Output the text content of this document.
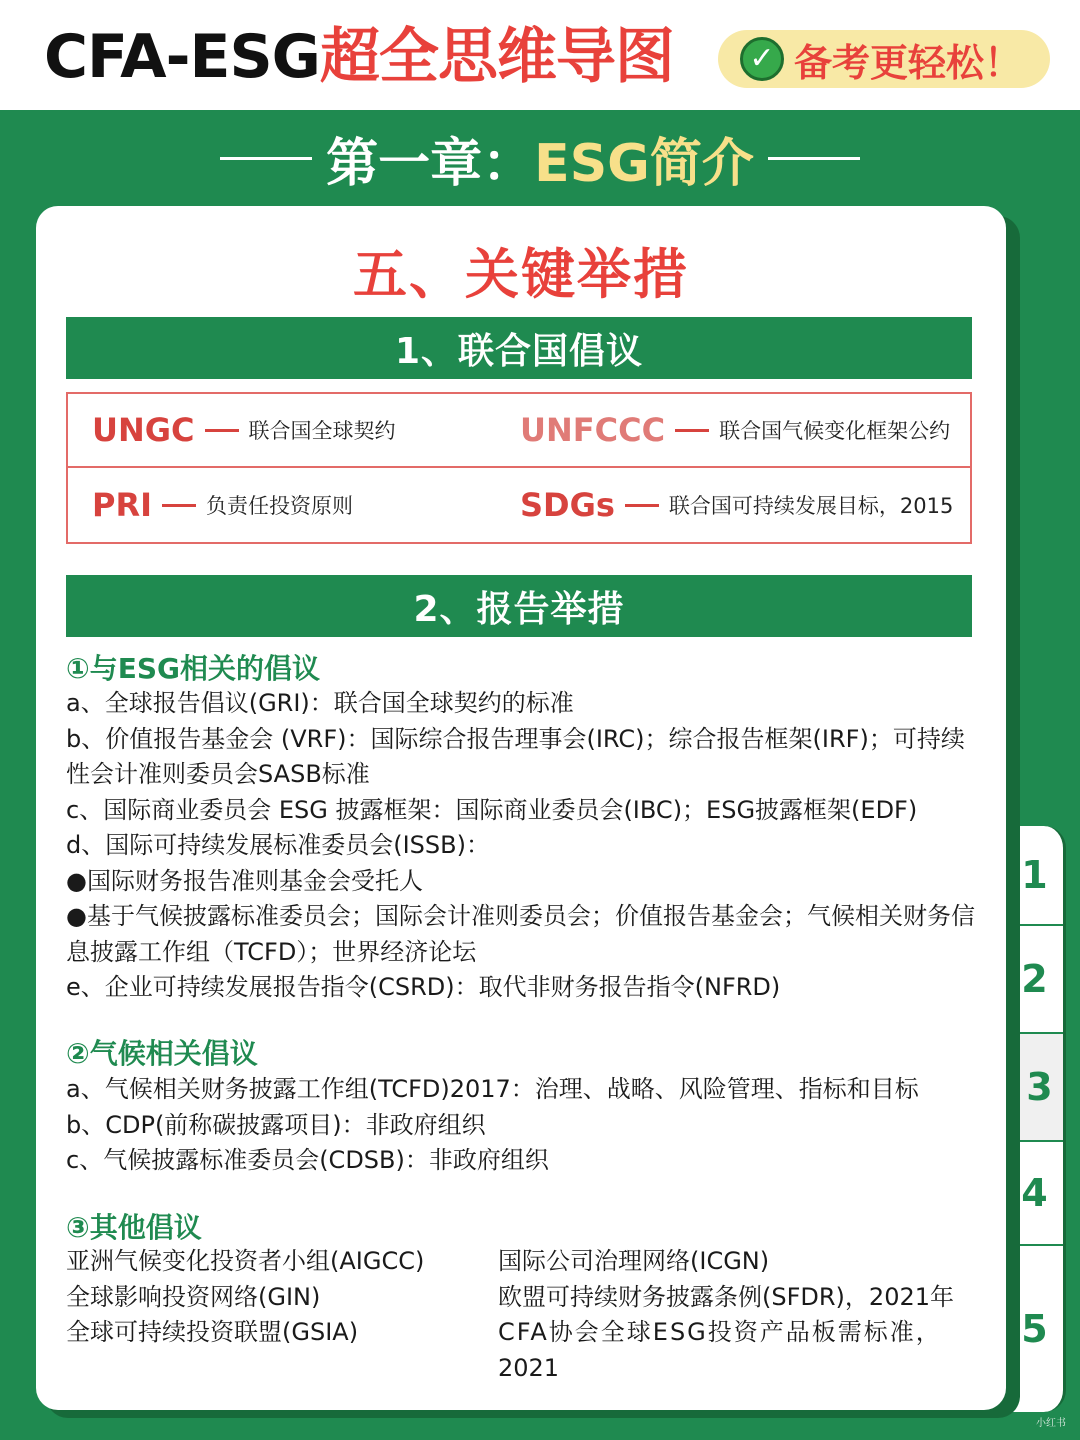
CFA-ESG超全思维导图	✓ 备考更轻松！
第一章： ESG简介
1
2
3
4
5
五、关键举措
1、联合国倡议
UNGC	联合国全球契约	UNFCCC	联合国气候变化框架公约
PRI	负责任投资原则	SDGs	联合国可持续发展目标，2015
2、报告举措
①与ESG相关的倡议

a、全球报告倡议(GRI)：联合国全球契约的标准

b、价值报告基金会 (VRF)：国际综合报告理事会(IRC)；综合报告框架(IRF)；可持续性会计准则委员会SASB标准

c、国际商业委员会 ESG 披露框架：国际商业委员会(IBC)；ESG披露框架(EDF)

d、国际可持续发展标准委员会(ISSB)：

●国际财务报告准则基金会受托人

●基于气候披露标准委员会；国际会计准则委员会；价值报告基金会；气候相关财务信息披露工作组（TCFD）；世界经济论坛

e、企业可持续发展报告指令(CSRD)：取代非财务报告指令(NFRD)

②气候相关倡议

a、气候相关财务披露工作组(TCFD)2017：治理、战略、风险管理、指标和目标

b、CDP(前称碳披露项目)：非政府组织

c、气候披露标准委员会(CDSB)：非政府组织

③其他倡议

亚洲气候变化投资者小组(AIGCC)

全球影响投资网络(GIN)

全球可持续投资联盟(GSIA)

国际公司治理网络(ICGN)

欧盟可持续财务披露条例(SFDR)，2021年

CFA协会全球ESG投资产品板需标准，

2021

小红书
